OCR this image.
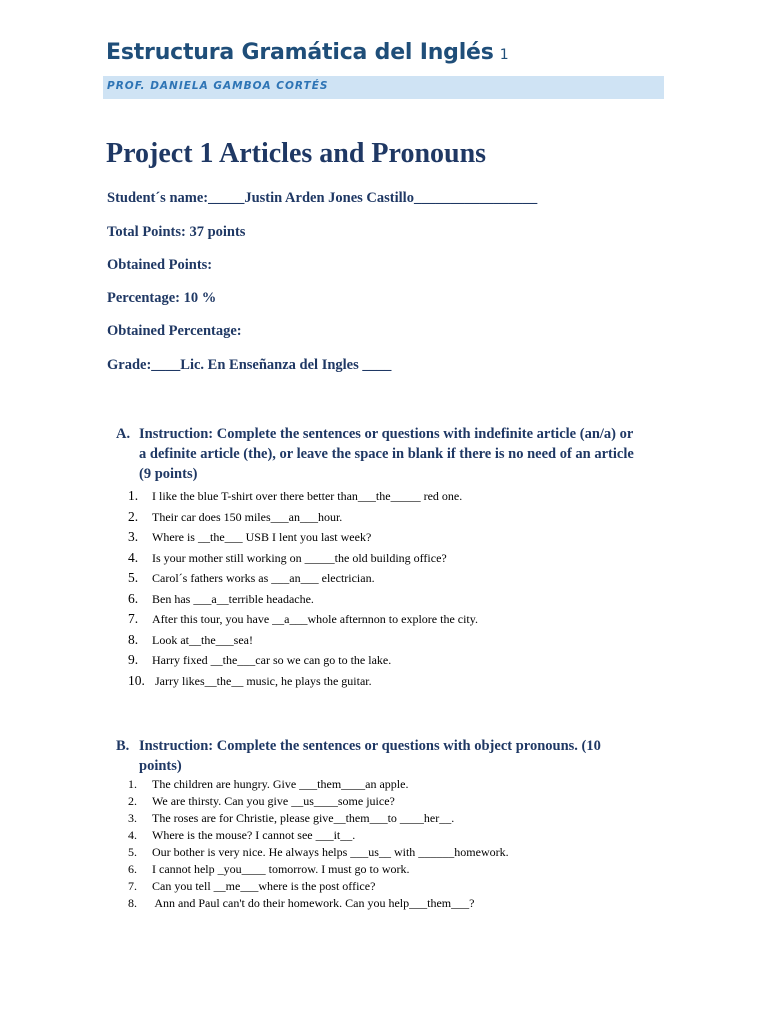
Estructura Gramática del Inglés 1
PROF. DANIELA GAMBOA CORTÉS
Project 1 Articles and Pronouns
Student´s name:_____Justin Arden Jones Castillo_________________
Total Points: 37 points
Obtained Points:
Percentage: 10 %
Obtained Percentage:
Grade:____Lic. En Enseñanza del Ingles ____
A. Instruction: Complete the sentences or questions with indefinite article (an/a) or
a definite article (the), or leave the space in blank if there is no need of an article
(9 points)
1. I like the blue T-shirt over there better than___the_____ red one.
2. Their car does 150 miles___an___hour.
3. Where is __the___ USB I lent you last week?
4. Is your mother still working on _____the old building office?
5. Carol´s fathers works as ___an___ electrician.
6. Ben has ___a__terrible headache.
7. After this tour, you have __a___whole afternnon to explore the city.
8. Look at__the___sea!
9. Harry fixed __the___car so we can go to the lake.
10. Jarry likes__the__ music, he plays the guitar.
B. Instruction: Complete the sentences or questions with object pronouns. (10
points)
1. The children are hungry. Give ___them____an apple.
2. We are thirsty. Can you give __us____some juice?
3. The roses are for Christie, please give__them___to ____her__.
4. Where is the mouse? I cannot see ___it__.
5. Our bother is very nice. He always helps ___us__ with ______homework.
6. I cannot help _you____ tomorrow. I must go to work.
7. Can you tell __me___where is the post office?
8. Ann and Paul can't do their homework. Can you help___them___?
